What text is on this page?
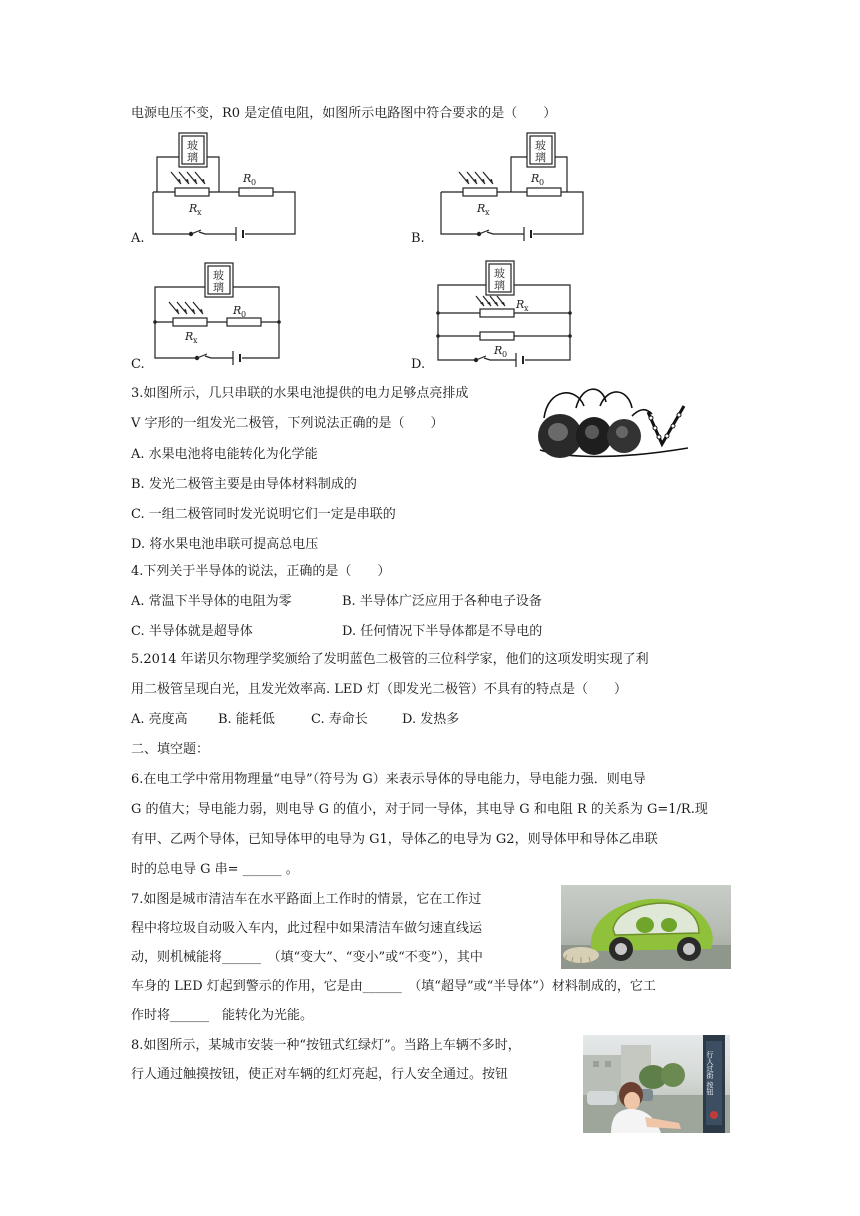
电源电压不变，R0 是定值电阻，如图所示电路图中符合要求的是（　　）
玻
璃
R x
R 0
A.
玻
璃
R x
R 0
B.
玻
璃
R x
R 0
C.
玻
璃
R x
R 0
D.
3.如图所示，几只串联的水果电池提供的电力足够点亮排成
V 字形的一组发光二极管，下列说法正确的是（　　）
A. 水果电池将电能转化为化学能
B. 发光二极管主要是由导体材料制成的
C. 一组二极管同时发光说明它们一定是串联的
D. 将水果电池串联可提高总电压
4.下列关于半导体的说法，正确的是（　　）
A. 常温下半导体的电阻为零	B. 半导体广泛应用于各种电子设备
C. 半导体就是超导体	D. 任何情况下半导体都是不导电的
5.2014 年诺贝尔物理学奖颁给了发明蓝色二极管的三位科学家，他们的这项发明实现了利
用二极管呈现白光，且发光效率高. LED 灯（即发光二极管）不具有的特点是（　　）
A. 亮度高 B. 能耗低	C. 寿命长	D. 发热多
二、填空题：
6.在电工学中常用物理量“电导”（符号为 G）来表示导体的导电能力，导电能力强．则电导
G 的值大；导电能力弱，则电导 G 的值小，对于同一导体，其电导 G 和电阻 R 的关系为 G=1/R.现
有甲、乙两个导体，已知导体甲的电导为 G1，导体乙的电导为 G2，则导体甲和导体乙串联
时的总电导 G 串= ______ 。
7.如图是城市清洁车在水平路面上工作时的情景，它在工作过
程中将垃圾自动吸入车内，此过程中如果清洁车做匀速直线运
动，则机械能将______　（填“变大”、“变小”或“不变”），其中
车身的 LED 灯起到警示的作用，它是由______　（填“超导”或“半导体”）材料制成的，它工
作时将______　能转化为光能。
8.如图所示，某城市安装一种“按钮式红绿灯”。当路上车辆不多时，
行人通过触摸按钮，使正对车辆的红灯亮起，行人安全通过。按钮	行人过街 按钮
